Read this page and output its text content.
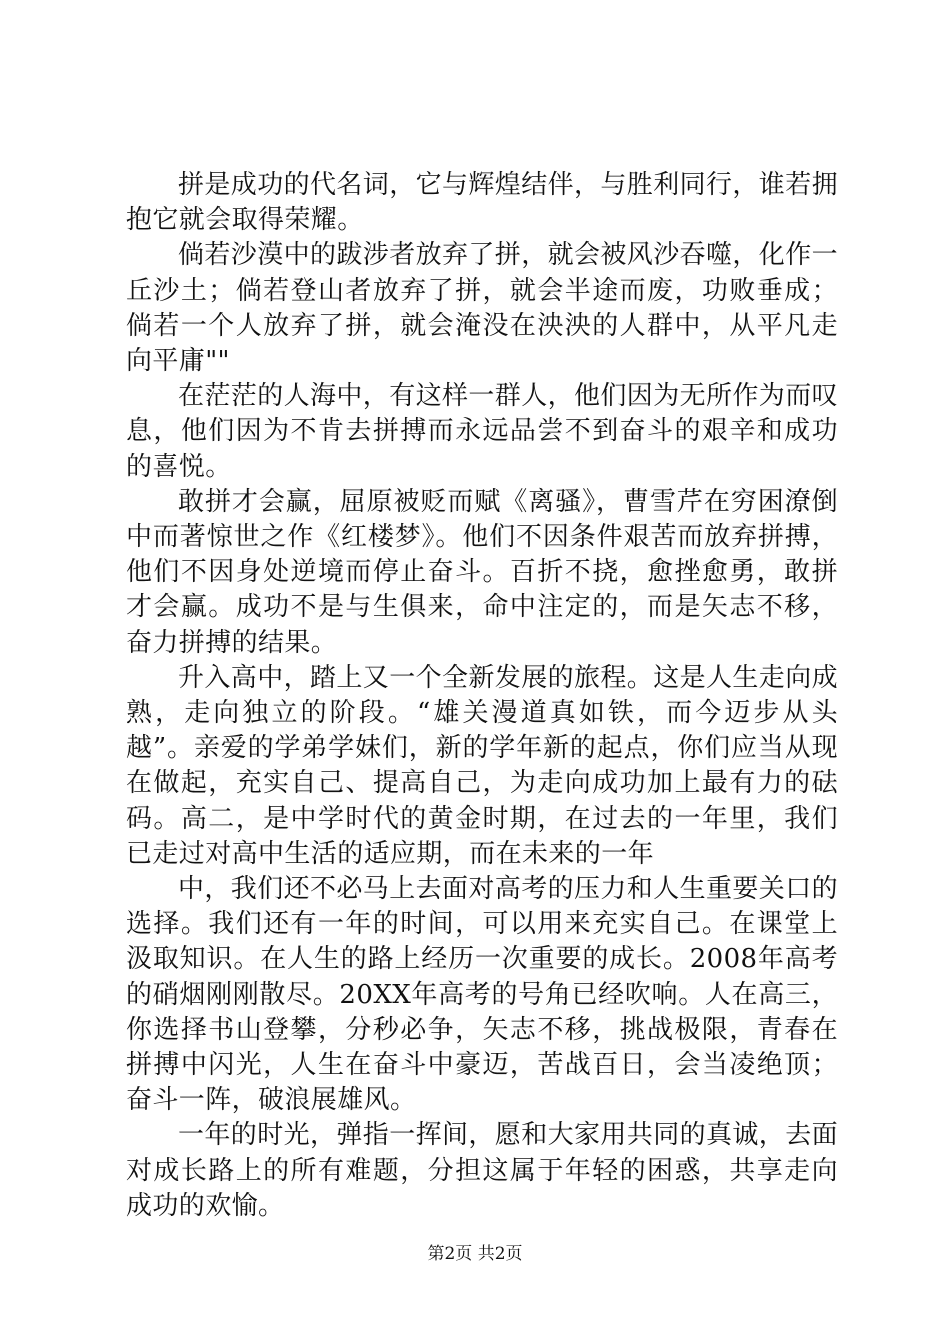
拼是成功的代名词，它与辉煌结伴，与胜利同行，谁若拥抱它就会取得荣耀。

倘若沙漠中的跋涉者放弃了拼，就会被风沙吞噬，化作一丘沙土；倘若登山者放弃了拼，就会半途而废，功败垂成；倘若一个人放弃了拼，就会淹没在泱泱的人群中，从平凡走向平庸""

在茫茫的人海中，有这样一群人，他们因为无所作为而叹息，他们因为不肯去拼搏而永远品尝不到奋斗的艰辛和成功的喜悦。

敢拼才会赢，屈原被贬而赋《离骚》，曹雪芹在穷困潦倒中而著惊世之作《红楼梦》。他们不因条件艰苦而放弃拼搏，他们不因身处逆境而停止奋斗。百折不挠，愈挫愈勇，敢拼才会赢。成功不是与生俱来，命中注定的，而是矢志不移，奋力拼搏的结果。

升入高中，踏上又一个全新发展的旅程。这是人生走向成熟，走向独立的阶段。“雄关漫道真如铁，而今迈步从头越”。亲爱的学弟学妹们，新的学年新的起点，你们应当从现在做起，充实自己、提高自己，为走向成功加上最有力的砝码。高二，是中学时代的黄金时期，在过去的一年里，我们已走过对高中生活的适应期，而在未来的一年

中，我们还不必马上去面对高考的压力和人生重要关口的选择。我们还有一年的时间，可以用来充实自己。在课堂上汲取知识。在人生的路上经历一次重要的成长。2008年高考的硝烟刚刚散尽。20XX年高考的号角已经吹响。人在高三，你选择书山登攀，分秒必争，矢志不移，挑战极限，青春在拼搏中闪光，人生在奋斗中豪迈，苦战百日，会当凌绝顶；奋斗一阵，破浪展雄风。

一年的时光，弹指一挥间，愿和大家用共同的真诚，去面对成长路上的所有难题，分担这属于年轻的困惑，共享走向成功的欢愉。

第2页 共2页
